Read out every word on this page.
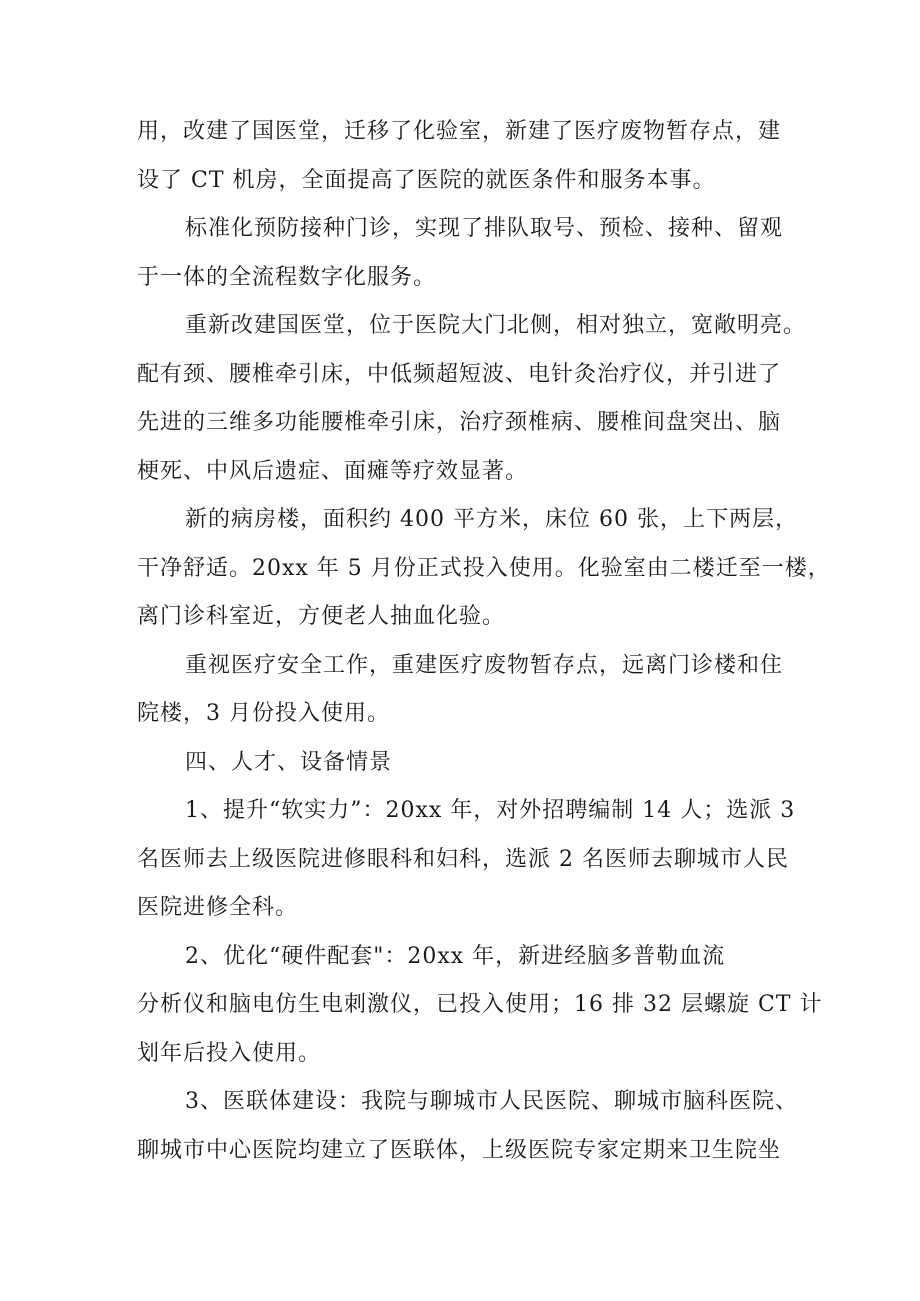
用，改建了国医堂，迁移了化验室，新建了医疗废物暂存点，建
设了 CT 机房，全面提高了医院的就医条件和服务本事。
标准化预防接种门诊，实现了排队取号、预检、接种、留观
于一体的全流程数字化服务。
重新改建国医堂，位于医院大门北侧，相对独立，宽敞明亮。
配有颈、腰椎牵引床，中低频超短波、电针灸治疗仪，并引进了
先进的三维多功能腰椎牵引床，治疗颈椎病、腰椎间盘突出、脑
梗死、中风后遗症、面瘫等疗效显著。
新的病房楼，面积约 400 平方米，床位 60 张，上下两层，
干净舒适。20xx 年 5 月份正式投入使用。化验室由二楼迁至一楼，
离门诊科室近，方便老人抽血化验。
重视医疗安全工作，重建医疗废物暂存点，远离门诊楼和住
院楼，3 月份投入使用。
四、人才、设备情景
1、提升“软实力”：20xx 年，对外招聘编制 14 人；选派 3
名医师去上级医院进修眼科和妇科，选派 2 名医师去聊城市人民
医院进修全科。
2、优化“硬件配套"：20xx 年，新进经脑多普勒血流
分析仪和脑电仿生电刺激仪，已投入使用；16 排 32 层螺旋 CT 计
划年后投入使用。
3、医联体建设：我院与聊城市人民医院、聊城市脑科医院、
聊城市中心医院均建立了医联体，上级医院专家定期来卫生院坐
